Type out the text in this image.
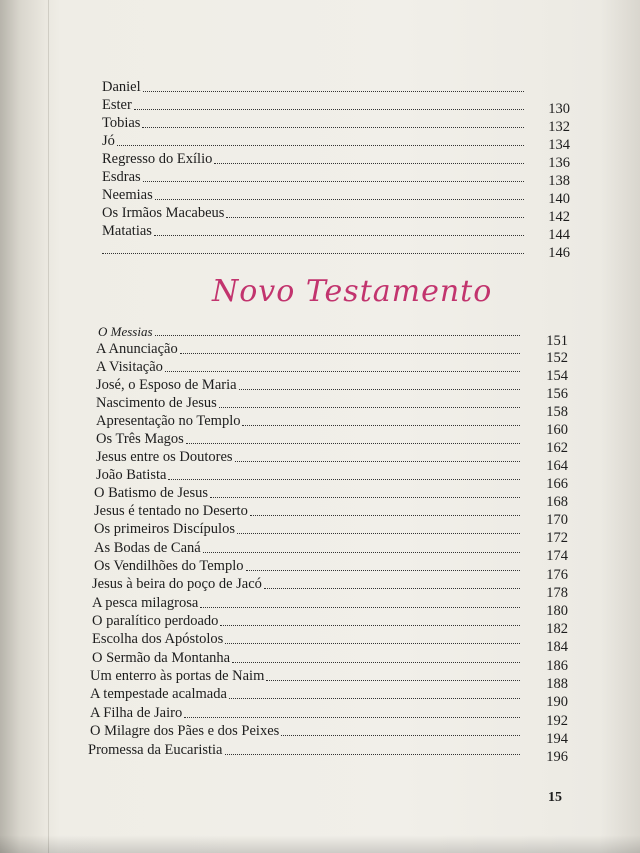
Daniel
Ester
Tobias
Jó
Regresso do Exílio
Esdras
Neemias
Os Irmãos Macabeus
Matatias
130
132
134
136
138
140
142
144
146
Novo Testamento
O Messias
A Anunciação
A Visitação
José, o Esposo de Maria
Nascimento de Jesus
Apresentação no Templo
Os Três Magos
Jesus entre os Doutores
João Batista
O Batismo de Jesus
Jesus é tentado no Deserto
Os primeiros Discípulos
As Bodas de Caná
Os Vendilhões do Templo
Jesus à beira do poço de Jacó
A pesca milagrosa
O paralítico perdoado
Escolha dos Apóstolos
O Sermão da Montanha
Um enterro às portas de Naim
A tempestade acalmada
A Filha de Jairo
O Milagre dos Pães e dos Peixes
Promessa da Eucaristia
151
152
154
156
158
160
162
164
166
168
170
172
174
176
178
180
182
184
186
188
190
192
194
196
15
